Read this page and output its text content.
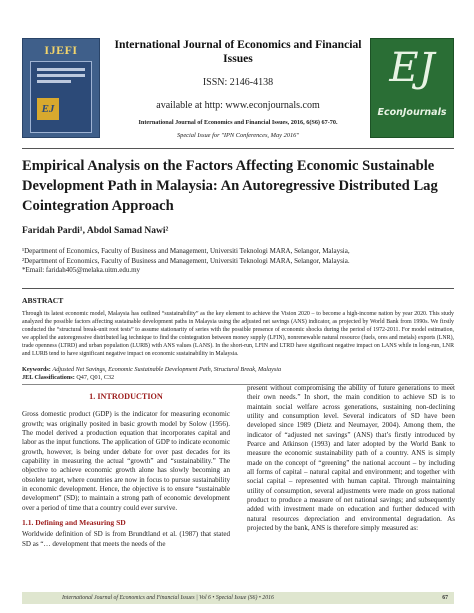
IJEFI
EJ
International Journal of Economics and Financial Issues
ISSN: 2146-4138
available at http: www.econjournals.com
International Journal of Economics and Financial Issues, 2016, 6(S6) 67-70.
Special Issue for "IPN Conferences, May 2016"
EJ
EconJournals
Empirical Analysis on the Factors Affecting Economic Sustainable Development Path in Malaysia: An Autoregressive Distributed Lag Cointegration Approach
Faridah Pardi¹, Abdol Samad Nawi²
¹Department of Economics, Faculty of Business and Management, Universiti Teknologi MARA, Selangor, Malaysia,
²Department of Economics, Faculty of Business and Management, Universiti Teknologi MARA, Selangor, Malaysia.
*Email: faridah405@melaka.uitm.edu.my
ABSTRACT
Through its latest economic model, Malaysia has outlined “sustainability” as the key element to achieve the Vision 2020 – to become a high-income nation by year 2020. This study analyzed the possible factors affecting sustainable development paths in Malaysia using the adjusted net savings (ANS) indicator, as projected by World Bank from 1990s. We firstly conducted the “structural break-unit root tests” to assume stationarity of series with the possible presence of economic shocks during the period of 1972-2011. For model estimation, we applied the autoregressive distributed lag technique to find the cointegration between money supply (LFIN), nonrenewable natural resource (fuels, ores and metals) exports (LNR), trade openness (LTRD) and urban population (LURB) with ANS values (LANS). In the short-run, LFIN and LTRD have significant negative impact on LANS while in long-run, LNR and LURB tend to have significant negative impact on economic sustainability in Malaysia.
Keywords: Adjusted Net Savings, Economic Sustainable Development Path, Structural Break, Malaysia
JEL Classifications: Q47, Q01, C32
1. INTRODUCTION

Gross domestic product (GDP) is the indicator for measuring economic growth; was originally posited in basic growth model by Solow (1956). The model derived a production equation that incorporates capital and labor as the input functions. The application of GDP to indicate economic growth, however, is being under debate for over past decades for its capability in measuring the actual “growth” and “sustainability.” The objective to achieve economic growth alone has slowly becoming an obsolete target, where countries are now in focus to pursue sustainability in economic development. Hence, the objective is to ensure “sustainable development” (SD); to maintain a strong path of economic development over a period of time that a country could ever survive.

1.1. Defining and Measuring SD

Worldwide definition of SD is from Brundtland et al. (1987) that stated SD as “… development that meets the needs of the

present without compromising the ability of future generations to meet their own needs.” In short, the main condition to achieve SD is to maintain social welfare across generations, sustaining non-declining utility and consumption level. Several indicators of SD have been developed since 1989 (Dietz and Neumayer, 2004). Among them, the indicator of “adjusted net savings” (ANS) that’s firstly introduced by Pearce and Atkinson (1993) and later adopted by the World Bank to measure the economic sustainability path of a country. ANS is simply made on the concept of “greening” the national account – by including all forms of capital – natural capital and environment; and together with social capital – represented with human capital. Through maintaining utility of consumption, several adjustments were made on gross national product to produce a measure of net national savings; and subsequently added with investment made on education and further deduced with natural resources depreciation and environmental degradation. As projected by the bank, ANS is therefore simply measured as:

International Journal of Economics and Financial Issues | Vol 6 • Special Issue (S6) • 2016	67
